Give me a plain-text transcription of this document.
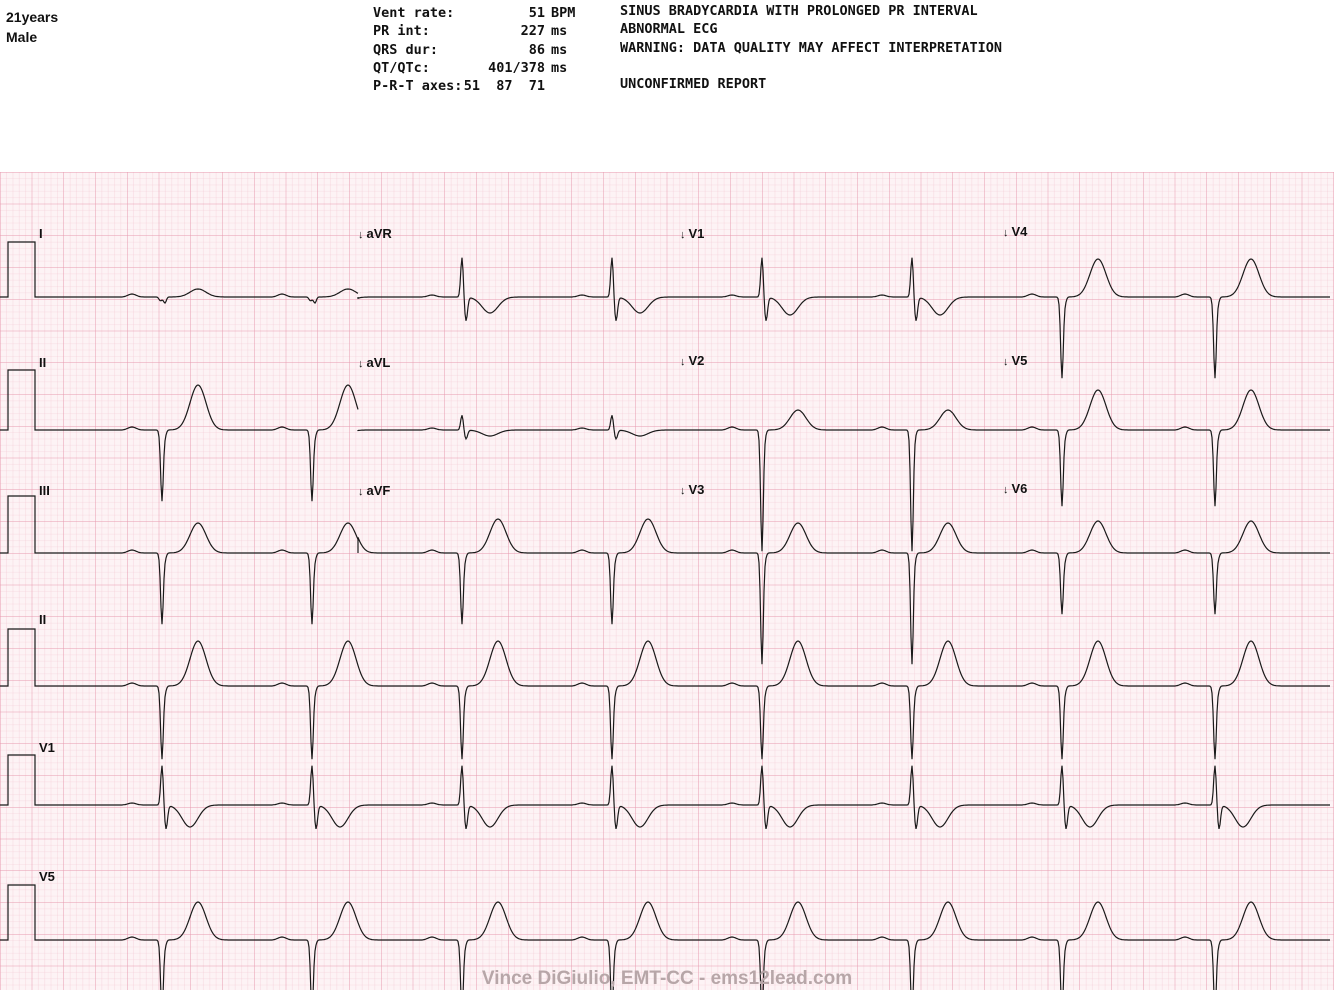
21years
Male
Vent rate:	51 BPM
PR int:	227 ms
QRS dur:	86 ms
QT/QTc:	401/378 ms
P-R-T axes: 51  87  71
SINUS BRADYCARDIA WITH PROLONGED PR INTERVAL
ABNORMAL ECG
WARNING: DATA QUALITY MAY AFFECT INTERPRETATION
UNCONFIRMED REPORT
I	↓ aVR	↓ V1	↓ V4
II	↓ aVL	↓ V2	↓ V5
III	↓ aVF	↓ V3	↓ V6
II
V1
V5
Vince DiGiulio, EMT-CC - ems12lead.com
